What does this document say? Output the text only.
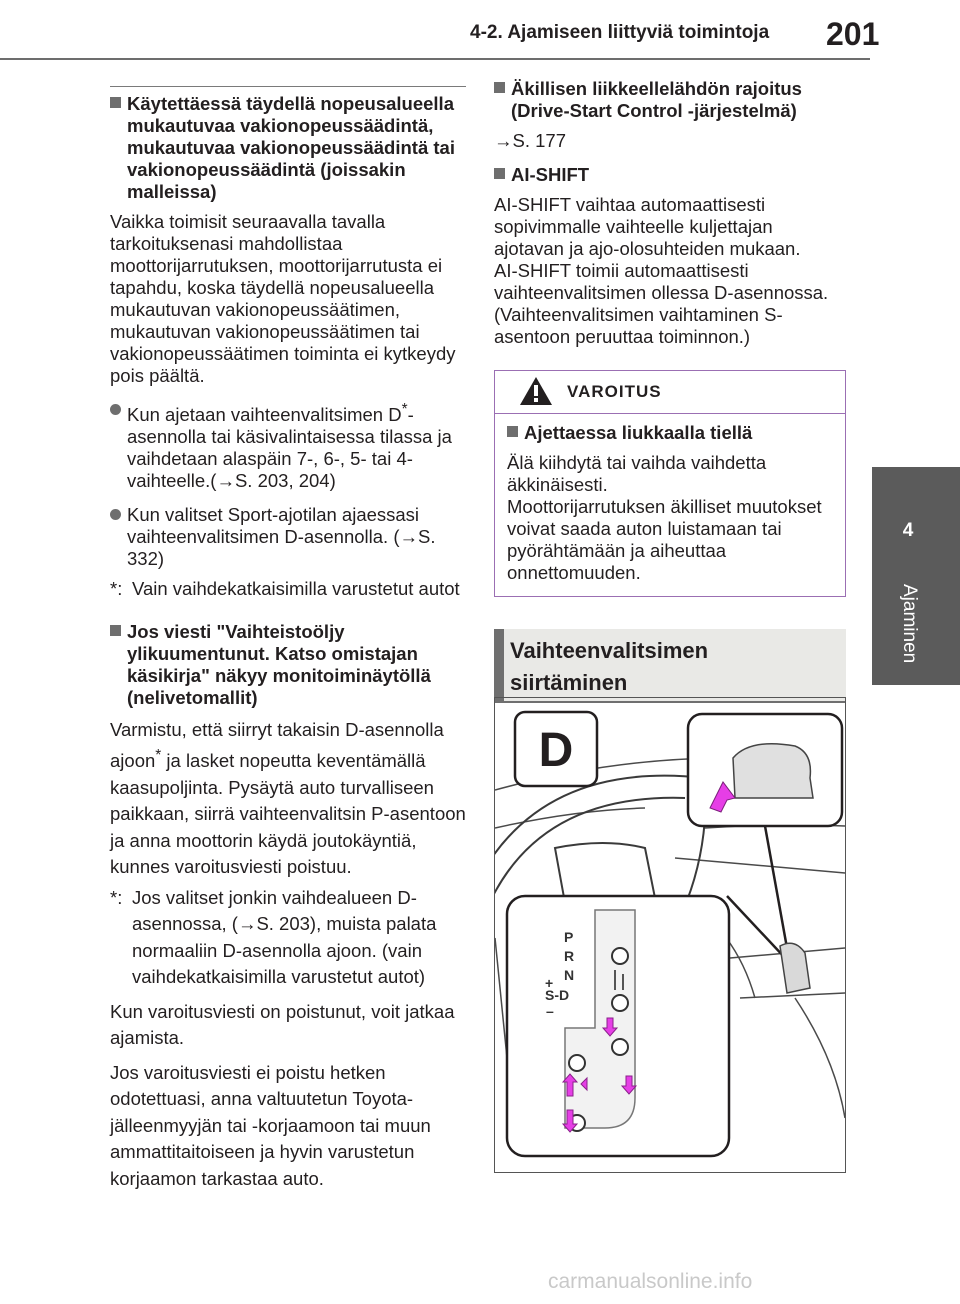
4-2. Ajamiseen liittyviä toimintoja 201
4
Ajaminen
Käytettäessä täydellä nopeusalueella mukautuvaa vakionopeussäädintä, mukautuvaa vakionopeussäädintä tai vakionopeussäädintä (joissakin malleissa)
Vaikka toimisit seuraavalla tavalla tarkoituksenasi mahdollistaa moottorijarrutuksen, moottorijarrutusta ei tapahdu, koska täydellä nopeusalueella mukautuvan vakionopeussäätimen, mukautuvan vakionopeussäätimen tai vakionopeussäätimen toiminta ei kytkeydy pois päältä.
Kun ajetaan vaihteenvalitsimen D*-asennolla tai käsivalintaisessa tilassa ja vaihdetaan alaspäin 7-, 6-, 5- tai 4-vaihteelle.(→S. 203, 204)
Kun valitset Sport-ajotilan ajaessasi vaihteenvalitsimen D-asennolla. (→S. 332)
*: Vain vaihdekatkaisimilla varustetut autot
Jos viesti "Vaihteistoöljy ylikuumentunut. Katso omistajan käsikirja" näkyy monitoiminäytöllä (nelivetomallit)
Varmistu, että siirryt takaisin D-asennolla ajoon* ja lasket nopeutta keventämällä kaasupoljinta. Pysäytä auto turvalliseen paikkaan, siirrä vaihteenvalitsin P-asentoon ja anna moottorin käydä joutokäyntiä, kunnes varoitusviesti poistuu.
*: Jos valitset jonkin vaihdealueen D-asennossa, (→S. 203), muista palata normaaliin D-asennolla ajoon. (vain vaihdekatkaisimilla varustetut autot)
Kun varoitusviesti on poistunut, voit jatkaa ajamista.
Jos varoitusviesti ei poistu hetken odotettuasi, anna valtuutetun Toyota-jälleenmyyjän tai -korjaamoon tai muun ammattitaitoiseen ja hyvin varustetun korjaamon tarkastaa auto.
Äkillisen liikkeellelähdön rajoitus (Drive-Start Control -järjestelmä)
→S. 177
AI-SHIFT
AI-SHIFT vaihtaa automaattisesti sopivimmalle vaihteelle kuljettajan ajotavan ja ajo-olosuhteiden mukaan.
AI-SHIFT toimii automaattisesti vaihteenvalitsimen ollessa D-asennossa. (Vaihteenvalitsimen vaihtaminen S-asentoon peruuttaa toiminnon.)
VAROITUS
Ajettaessa liukkaalla tiellä
Älä kiihdytä tai vaihda vaihdetta äkkinäisesti.
Moottorijarrutuksen äkilliset muutokset voivat saada auton luistamaan tai pyörähtämään ja aiheuttaa onnettomuuden.
Vaihteenvalitsimen
siirtäminen
D
P
R
N
+
S-D
–
carmanualsonline.info
